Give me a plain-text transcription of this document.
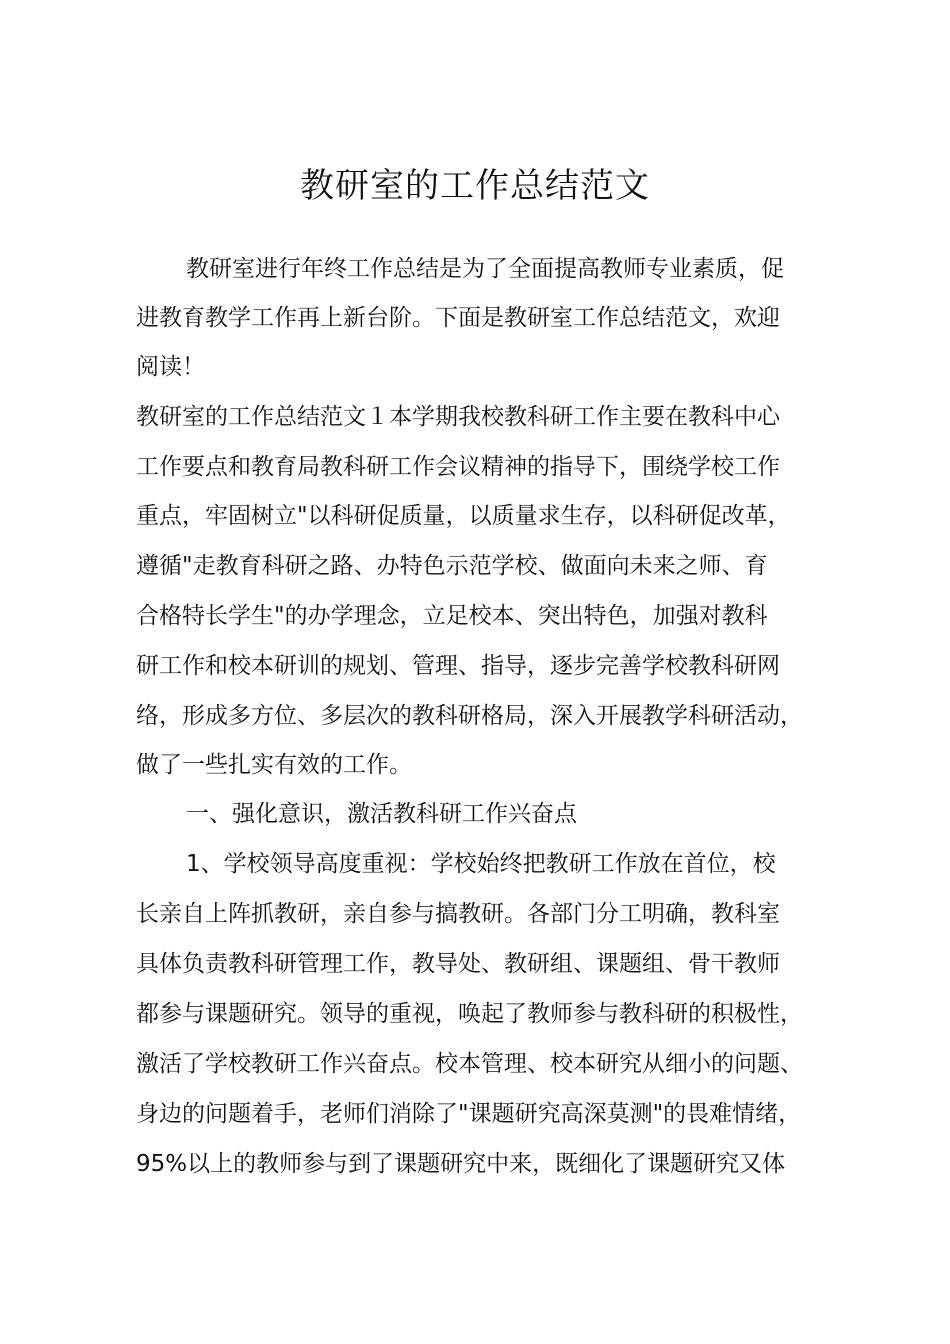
教研室的工作总结范文
教研室进行年终工作总结是为了全面提高教师专业素质，促
进教育教学工作再上新台阶。下面是教研室工作总结范文，欢迎
阅读！
教研室的工作总结范文１本学期我校教科研工作主要在教科中心
工作要点和教育局教科研工作会议精神的指导下，围绕学校工作
重点，牢固树立"以科研促质量，以质量求生存，以科研促改革，
遵循"走教育科研之路、办特色示范学校、做面向未来之师、育
合格特长学生"的办学理念，立足校本、突出特色，加强对教科
研工作和校本研训的规划、管理、指导，逐步完善学校教科研网
络，形成多方位、多层次的教科研格局，深入开展教学科研活动，
做了一些扎实有效的工作。
一、强化意识，激活教科研工作兴奋点
1、学校领导高度重视：学校始终把教研工作放在首位，校
长亲自上阵抓教研，亲自参与搞教研。各部门分工明确，教科室
具体负责教科研管理工作，教导处、教研组、课题组、骨干教师
都参与课题研究。领导的重视，唤起了教师参与教科研的积极性，
激活了学校教研工作兴奋点。校本管理、校本研究从细小的问题、
身边的问题着手，老师们消除了"课题研究高深莫测"的畏难情绪，
95%以上的教师参与到了课题研究中来，既细化了课题研究又体
